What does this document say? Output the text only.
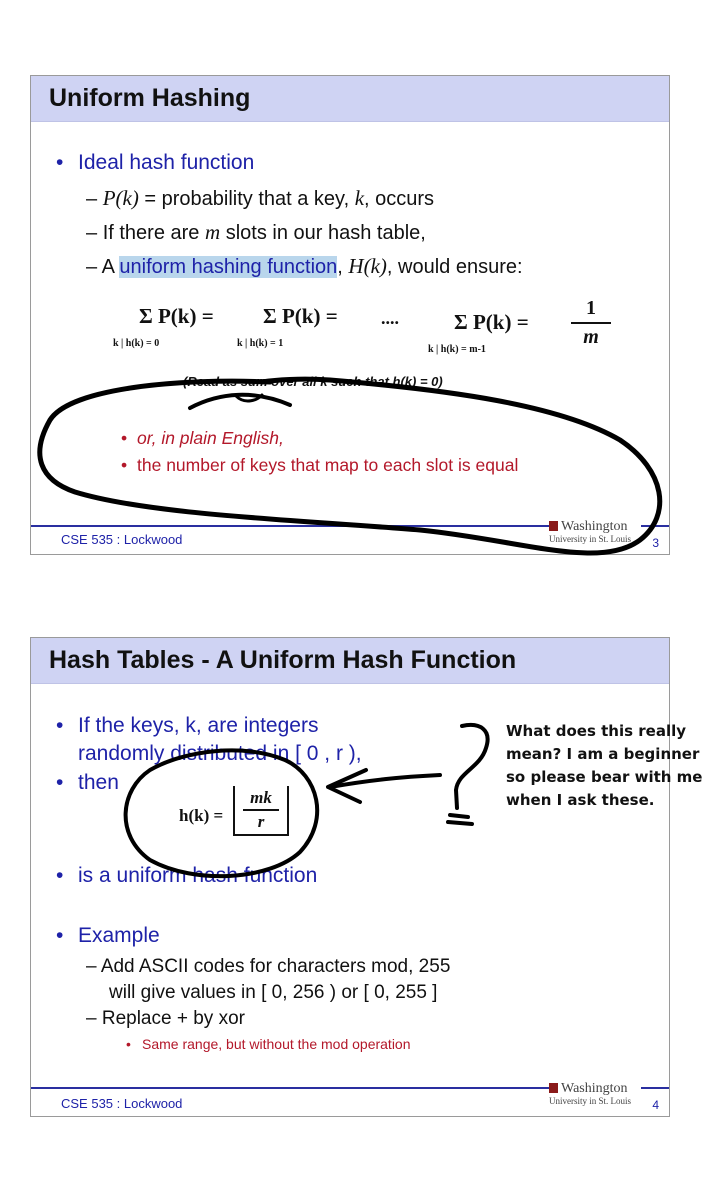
Uniform Hashing
• Ideal hash function
– P(k) = probability that a key, k, occurs
– If there are m slots in our hash table,
– A uniform hashing function, H(k), would ensure:
Σ P(k) =
k | h(k) = 0
Σ P(k) =
k | h(k) = 1
....	Σ P(k) =
k | h(k) = m-1
1
m
(Read as sum over all k such that h(k) = 0)
• or, in plain English,
• the number of keys that map to each slot is equal
CSE 535 : Lockwood
Washington
University in St. Louis 3
Hash Tables - A Uniform Hash Function
• If the keys, k, are integers
randomly distributed in [ 0 , r ),
• then
h(k) =
mk
r
• is a uniform hash function
• Example
– Add ASCII codes for characters mod, 255
will give values in [ 0, 256 ) or [ 0, 255 ]
– Replace + by xor
• Same range, but without the mod operation
CSE 535 : Lockwood
Washington
University in St. Louis 4
What does this really
mean? I am a beginner
so please bear with me
when I ask these.
